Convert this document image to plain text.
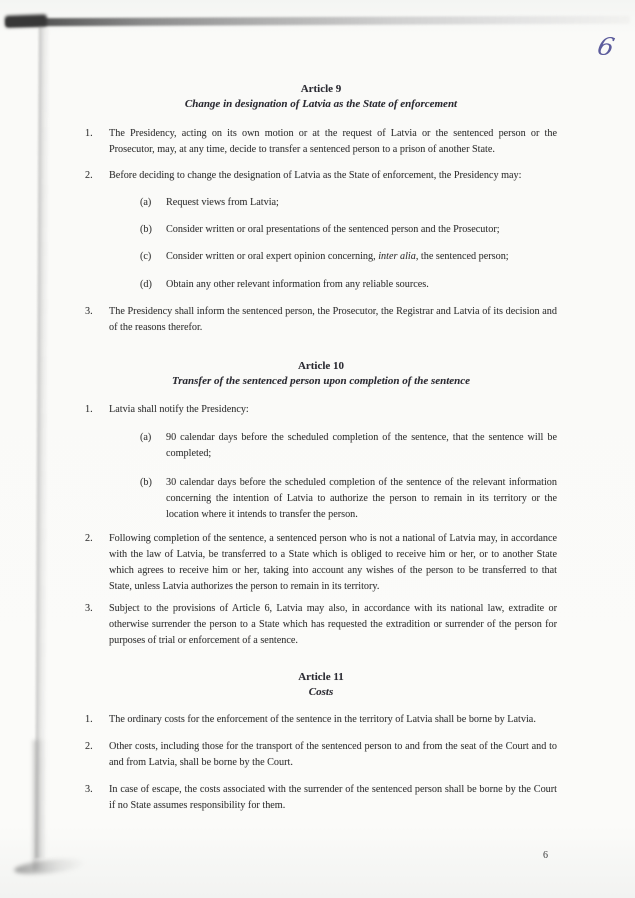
6
Article 9
Change in designation of Latvia as the State of enforcement
1. The Presidency, acting on its own motion or at the request of Latvia or the sentenced person or the Prosecutor, may, at any time, decide to transfer a sentenced person to a prison of another State.
2. Before deciding to change the designation of Latvia as the State of enforcement, the Presidency may:
(a) Request views from Latvia;
(b) Consider written or oral presentations of the sentenced person and the Prosecutor;
(c) Consider written or oral expert opinion concerning, inter alia, the sentenced person;
(d) Obtain any other relevant information from any reliable sources.
3. The Presidency shall inform the sentenced person, the Prosecutor, the Registrar and Latvia of its decision and of the reasons therefor.
Article 10
Transfer of the sentenced person upon completion of the sentence
1. Latvia shall notify the Presidency:
(a) 90 calendar days before the scheduled completion of the sentence, that the sentence will be completed;
(b) 30 calendar days before the scheduled completion of the sentence of the relevant information concerning the intention of Latvia to authorize the person to remain in its territory or the location where it intends to transfer the person.
2. Following completion of the sentence, a sentenced person who is not a national of Latvia may, in accordance with the law of Latvia, be transferred to a State which is obliged to receive him or her, or to another State which agrees to receive him or her, taking into account any wishes of the person to be transferred to that State, unless Latvia authorizes the person to remain in its territory.
3. Subject to the provisions of Article 6, Latvia may also, in accordance with its national law, extradite or otherwise surrender the person to a State which has requested the extradition or surrender of the person for purposes of trial or enforcement of a sentence.
Article 11
Costs
1. The ordinary costs for the enforcement of the sentence in the territory of Latvia shall be borne by Latvia.
2. Other costs, including those for the transport of the sentenced person to and from the seat of the Court and to and from Latvia, shall be borne by the Court.
3. In case of escape, the costs associated with the surrender of the sentenced person shall be borne by the Court if no State assumes responsibility for them.
6
